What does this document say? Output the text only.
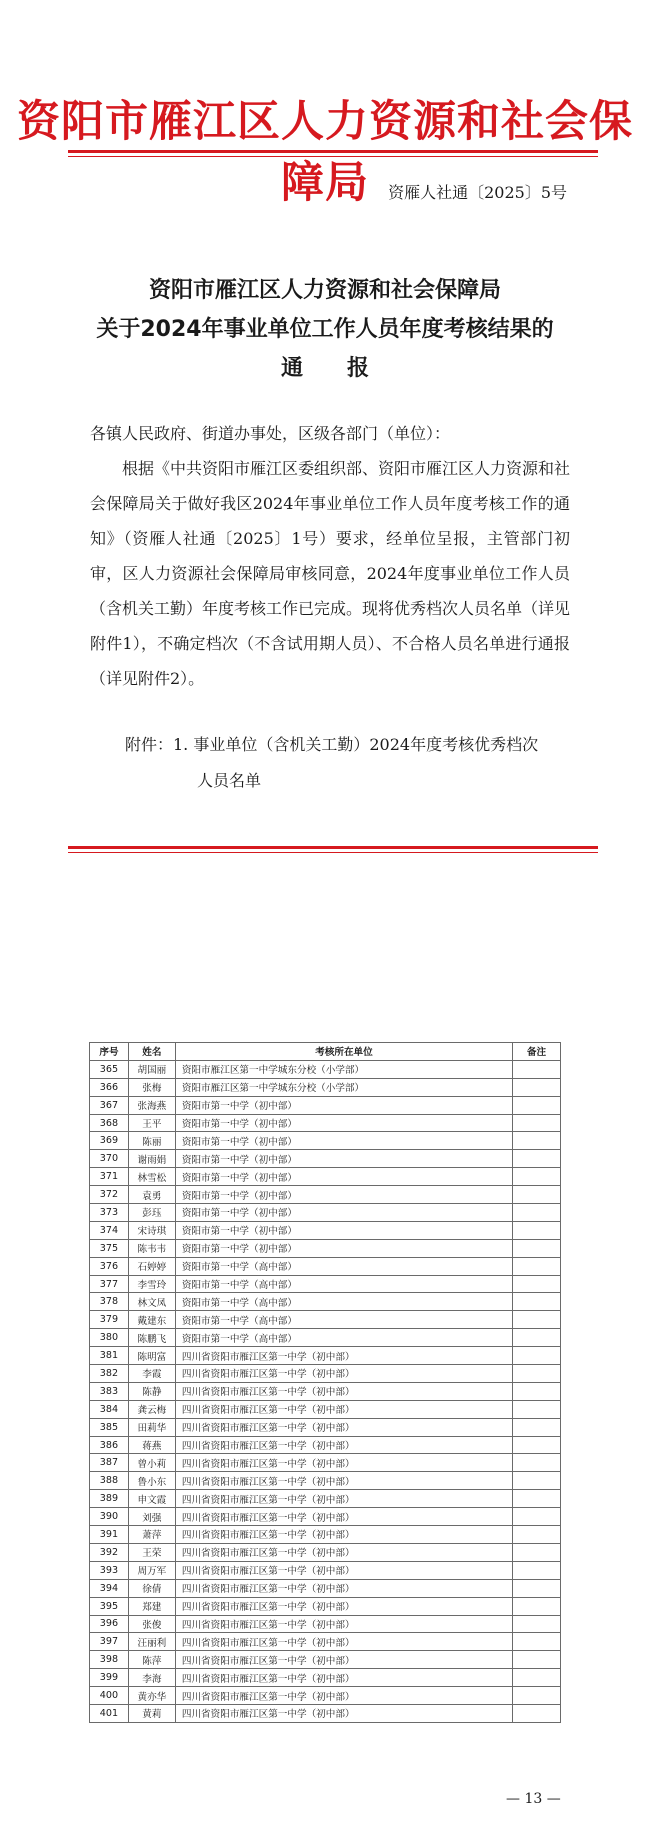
资阳市雁江区人力资源和社会保障局	资雁人社通〔2025〕5号
资阳市雁江区人力资源和社会保障局
关于2024年事业单位工作人员年度考核结果的
通　　报
各镇人民政府、街道办事处，区级各部门（单位）：
根据《中共资阳市雁江区委组织部、资阳市雁江区人力资源和社会保障局关于做好我区2024年事业单位工作人员年度考核工作的通知》（资雁人社通〔2025〕1号）要求，经单位呈报，主管部门初审，区人力资源社会保障局审核同意，2024年度事业单位工作人员（含机关工勤）年度考核工作已完成。现将优秀档次人员名单（详见附件1），不确定档次（不含试用期人员）、不合格人员名单进行通报（详见附件2）。
附件： 1. 事业单位（含机关工勤）2024年度考核优秀档次
人员名单
序号	姓名	考核所在单位	备注
365	胡国丽	资阳市雁江区第一中学城东分校（小学部）	
366	张梅	资阳市雁江区第一中学城东分校（小学部）	
367	张海燕	资阳市第一中学（初中部）	
368	王平	资阳市第一中学（初中部）	
369	陈丽	资阳市第一中学（初中部）	
370	谢雨娟	资阳市第一中学（初中部）	
371	林雪松	资阳市第一中学（初中部）	
372	袁勇	资阳市第一中学（初中部）	
373	彭珏	资阳市第一中学（初中部）	
374	宋诗琪	资阳市第一中学（初中部）	
375	陈韦韦	资阳市第一中学（初中部）	
376	石婷婷	资阳市第一中学（高中部）	
377	李雪玲	资阳市第一中学（高中部）	
378	林文凤	资阳市第一中学（高中部）	
379	戴建东	资阳市第一中学（高中部）	
380	陈鹏飞	资阳市第一中学（高中部）	
381	陈明富	四川省资阳市雁江区第一中学（初中部）	
382	李霞	四川省资阳市雁江区第一中学（初中部）	
383	陈静	四川省资阳市雁江区第一中学（初中部）	
384	龚云梅	四川省资阳市雁江区第一中学（初中部）	
385	田莉华	四川省资阳市雁江区第一中学（初中部）	
386	蒋燕	四川省资阳市雁江区第一中学（初中部）	
387	曾小莉	四川省资阳市雁江区第一中学（初中部）	
388	鲁小东	四川省资阳市雁江区第一中学（初中部）	
389	申文霞	四川省资阳市雁江区第一中学（初中部）	
390	刘强	四川省资阳市雁江区第一中学（初中部）	
391	萧萍	四川省资阳市雁江区第一中学（初中部）	
392	王荣	四川省资阳市雁江区第一中学（初中部）	
393	周万军	四川省资阳市雁江区第一中学（初中部）	
394	徐倩	四川省资阳市雁江区第一中学（初中部）	
395	郑建	四川省资阳市雁江区第一中学（初中部）	
396	张俊	四川省资阳市雁江区第一中学（初中部）	
397	汪丽利	四川省资阳市雁江区第一中学（初中部）	
398	陈萍	四川省资阳市雁江区第一中学（初中部）	
399	李海	四川省资阳市雁江区第一中学（初中部）	
400	黄亦华	四川省资阳市雁江区第一中学（初中部）	
401	黄莉	四川省资阳市雁江区第一中学（初中部）	
— 13 —
